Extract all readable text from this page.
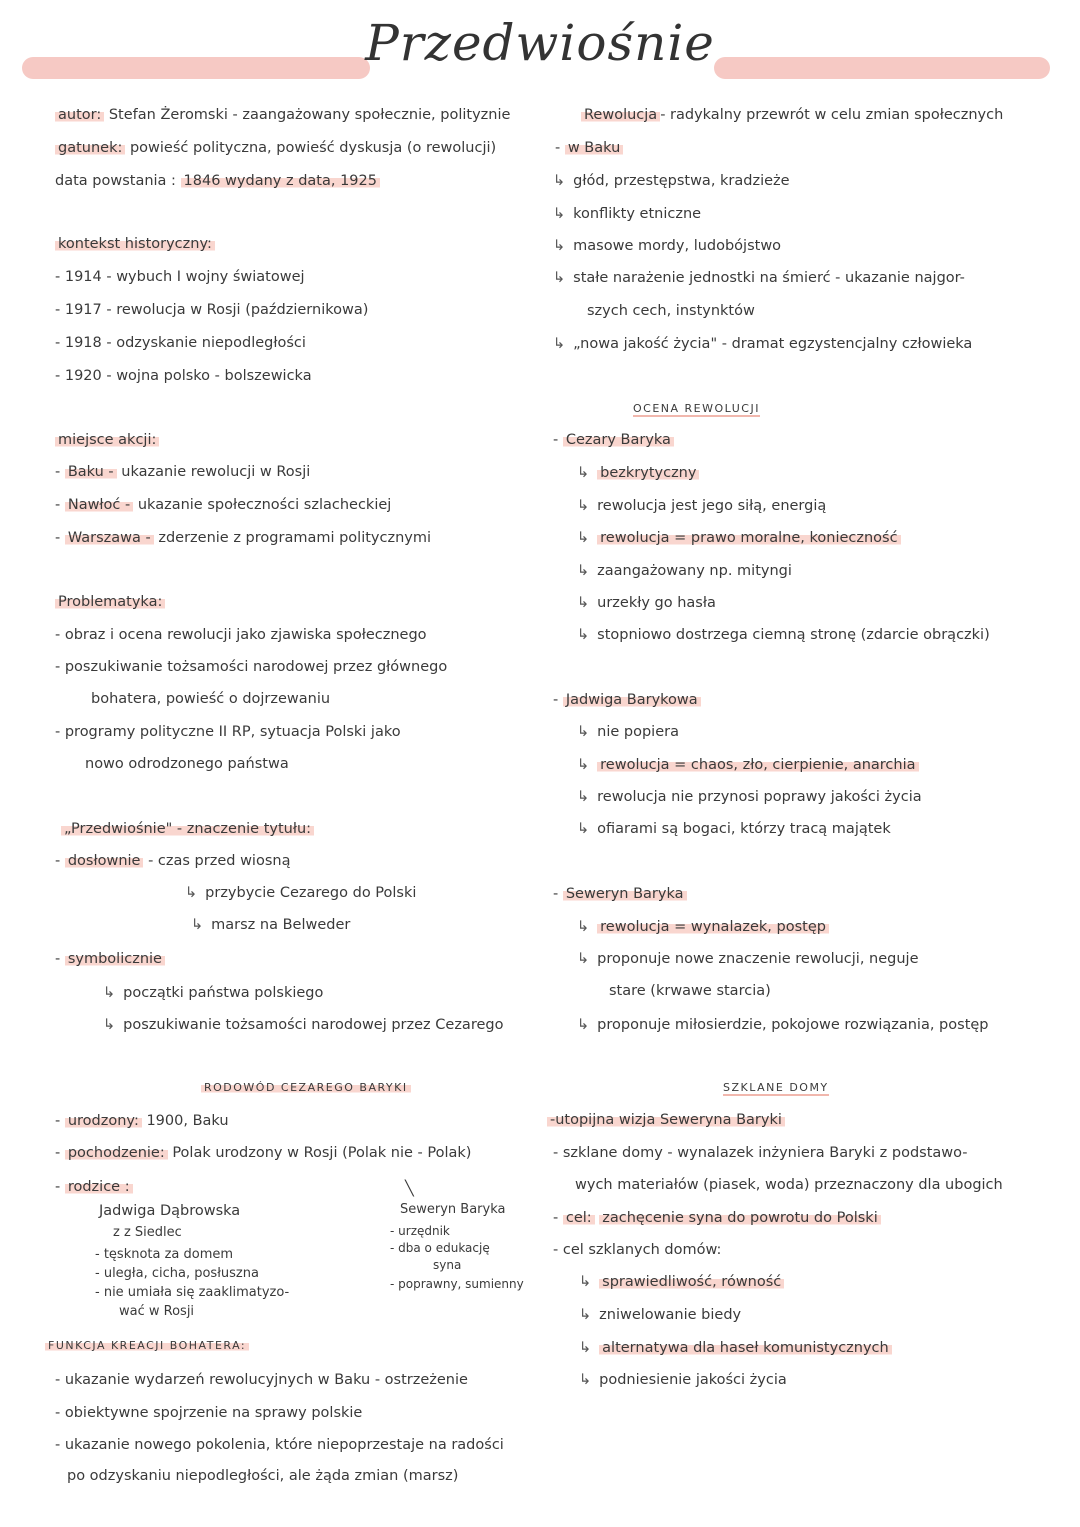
Przedwiośnie
autor: Stefan Żeromski - zaangażowany społecznie, polityznie
gatunek: powieść polityczna, powieść dyskusja (o rewolucji)
data powstania : 1846 wydany z data, 1925
kontekst historyczny:
- 1914 - wybuch I wojny światowej
- 1917 - rewolucja w Rosji (październikowa)
- 1918 - odzyskanie niepodległości
- 1920 - wojna polsko - bolszewicka
miejsce akcji:
- Baku - ukazanie rewolucji w Rosji
- Nawłoć - ukazanie społeczności szlacheckiej
- Warszawa - zderzenie z programami politycznymi
Problematyka:
- obraz i ocena rewolucji jako zjawiska społecznego
- poszukiwanie tożsamości narodowej przez głównego
bohatera, powieść o dojrzewaniu
- programy polityczne II RP, sytuacja Polski jako
nowo odrodzonego państwa
„Przedwiośnie" - znaczenie tytułu:
- dosłownie - czas przed wiosną
↳ przybycie Cezarego do Polski
↳ marsz na Belweder
- symbolicznie
↳ początki państwa polskiego
↳ poszukiwanie tożsamości narodowej przez Cezarego
RODOWÓD CEZAREGO BARYKI
- urodzony: 1900, Baku
- pochodzenie: Polak urodzony w Rosji (Polak nie - Polak)
- rodzice :
Jadwiga Dąbrowska
z z Siedlec
- tęsknota za domem
- uległa, cicha, posłuszna
- nie umiała się zaaklimatyzo-
wać w Rosji
╲
Seweryn Baryka
- urzędnik
- dba o edukację
syna
- poprawny, sumienny
FUNKCJA KREACJI BOHATERA:
- ukazanie wydarzeń rewolucyjnych w Baku - ostrzeżenie
- obiektywne spojrzenie na sprawy polskie
- ukazanie nowego pokolenia, które niepoprzestaje na radości
po odzyskaniu niepodległości, ale żąda zmian (marsz)
Rewolucja - radykalny przewrót w celu zmian społecznych
- w Baku
↳ głód, przestępstwa, kradzieże
↳ konflikty etniczne
↳ masowe mordy, ludobójstwo
↳ stałe narażenie jednostki na śmierć - ukazanie najgor-
szych cech, instynktów
↳ „nowa jakość życia" - dramat egzystencjalny człowieka
OCENA REWOLUCJI
- Cezary Baryka
↳ bezkrytyczny
↳ rewolucja jest jego siłą, energią
↳ rewolucja = prawo moralne, konieczność
↳ zaangażowany np. mityngi
↳ urzekły go hasła
↳ stopniowo dostrzega ciemną stronę (zdarcie obrączki)
- Jadwiga Barykowa
↳ nie popiera
↳ rewolucja = chaos, zło, cierpienie, anarchia
↳ rewolucja nie przynosi poprawy jakości życia
↳ ofiarami są bogaci, którzy tracą majątek
- Seweryn Baryka
↳ rewolucja = wynalazek, postęp
↳ proponuje nowe znaczenie rewolucji, neguje
stare (krwawe starcia)
↳ proponuje miłosierdzie, pokojowe rozwiązania, postęp
SZKLANE DOMY
-utopijna wizja Seweryna Baryki
- szklane domy - wynalazek inżyniera Baryki z podstawo-
wych materiałów (piasek, woda) przeznaczony dla ubogich
- cel: zachęcenie syna do powrotu do Polski
- cel szklanych domów:
↳ sprawiedliwość, równość
↳ zniwelowanie biedy
↳ alternatywa dla haseł komunistycznych
↳ podniesienie jakości życia
